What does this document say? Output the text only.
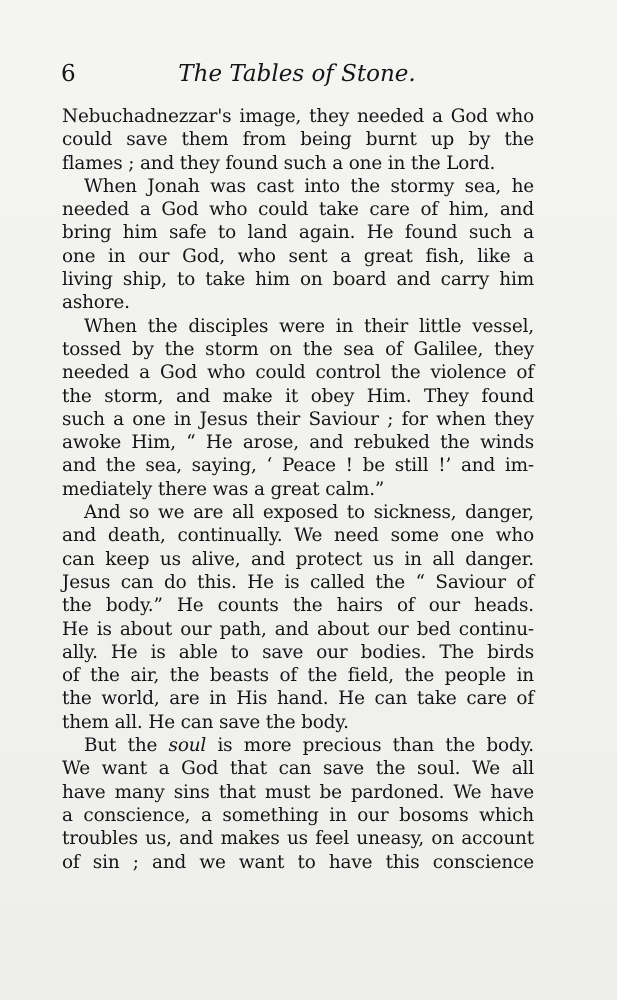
6	The Tables of Stone.
Nebuchadnezzar's image, they needed a God who
could save them from being burnt up by the
flames ; and they found such a one in the Lord.
When Jonah was cast into the stormy sea, he
needed a God who could take care of him, and
bring him safe to land again. He found such a
one in our God, who sent a great fish, like a
living ship, to take him on board and carry him
ashore.
When the disciples were in their little vessel,
tossed by the storm on the sea of Galilee, they
needed a God who could control the violence of
the storm, and make it obey Him. They found
such a one in Jesus their Saviour ; for when they
awoke Him, “ He arose, and rebuked the winds
and the sea, saying, ‘ Peace ! be still !’ and im-
mediately there was a great calm.”
And so we are all exposed to sickness, danger,
and death, continually. We need some one who
can keep us alive, and protect us in all danger.
Jesus can do this. He is called the “ Saviour of
the body.” He counts the hairs of our heads.
He is about our path, and about our bed continu-
ally. He is able to save our bodies. The birds
of the air, the beasts of the field, the people in
the world, are in His hand. He can take care of
them all. He can save the body.
But the soul is more precious than the body.
We want a God that can save the soul. We all
have many sins that must be pardoned. We have
a conscience, a something in our bosoms which
troubles us, and makes us feel uneasy, on account
of sin ; and we want to have this conscience
